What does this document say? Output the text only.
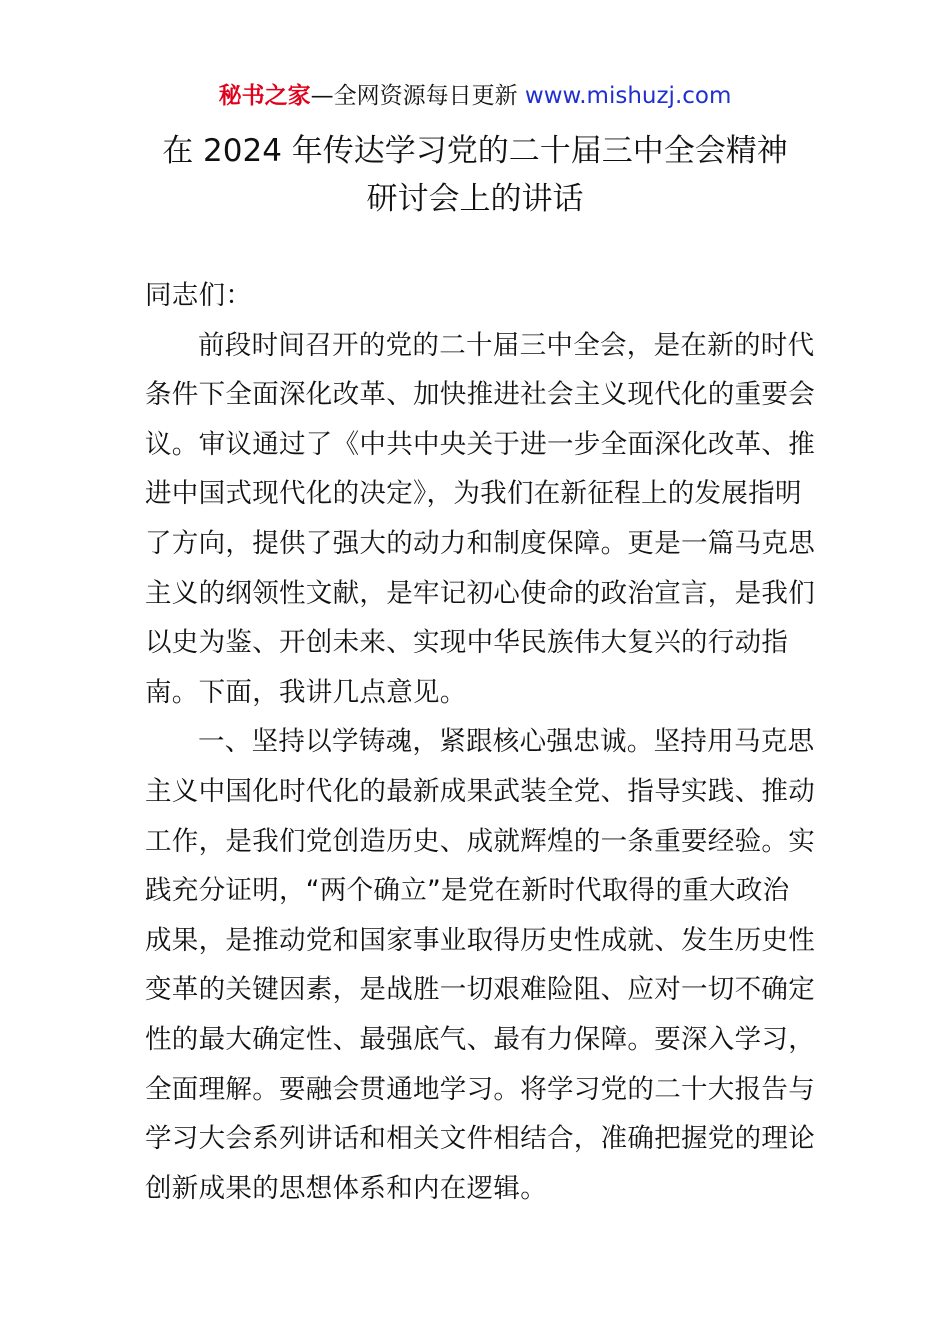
秘书之家—全网资源每日更新 www.mishuzj.com
在 2024 年传达学习党的二十届三中全会精神
研讨会上的讲话
同志们：
前段时间召开的党的二十届三中全会，是在新的时代
条件下全面深化改革、加快推进社会主义现代化的重要会
议。审议通过了《中共中央关于进一步全面深化改革、推
进中国式现代化的决定》，为我们在新征程上的发展指明
了方向，提供了强大的动力和制度保障。更是一篇马克思
主义的纲领性文献，是牢记初心使命的政治宣言，是我们
以史为鉴、开创未来、实现中华民族伟大复兴的行动指
南。下面，我讲几点意见。
一、坚持以学铸魂，紧跟核心强忠诚。坚持用马克思
主义中国化时代化的最新成果武装全党、指导实践、推动
工作，是我们党创造历史、成就辉煌的一条重要经验。实
践充分证明，“两个确立”是党在新时代取得的重大政治
成果，是推动党和国家事业取得历史性成就、发生历史性
变革的关键因素，是战胜一切艰难险阻、应对一切不确定
性的最大确定性、最强底气、最有力保障。要深入学习，
全面理解。要融会贯通地学习。将学习党的二十大报告与
学习大会系列讲话和相关文件相结合，准确把握党的理论
创新成果的思想体系和内在逻辑。
